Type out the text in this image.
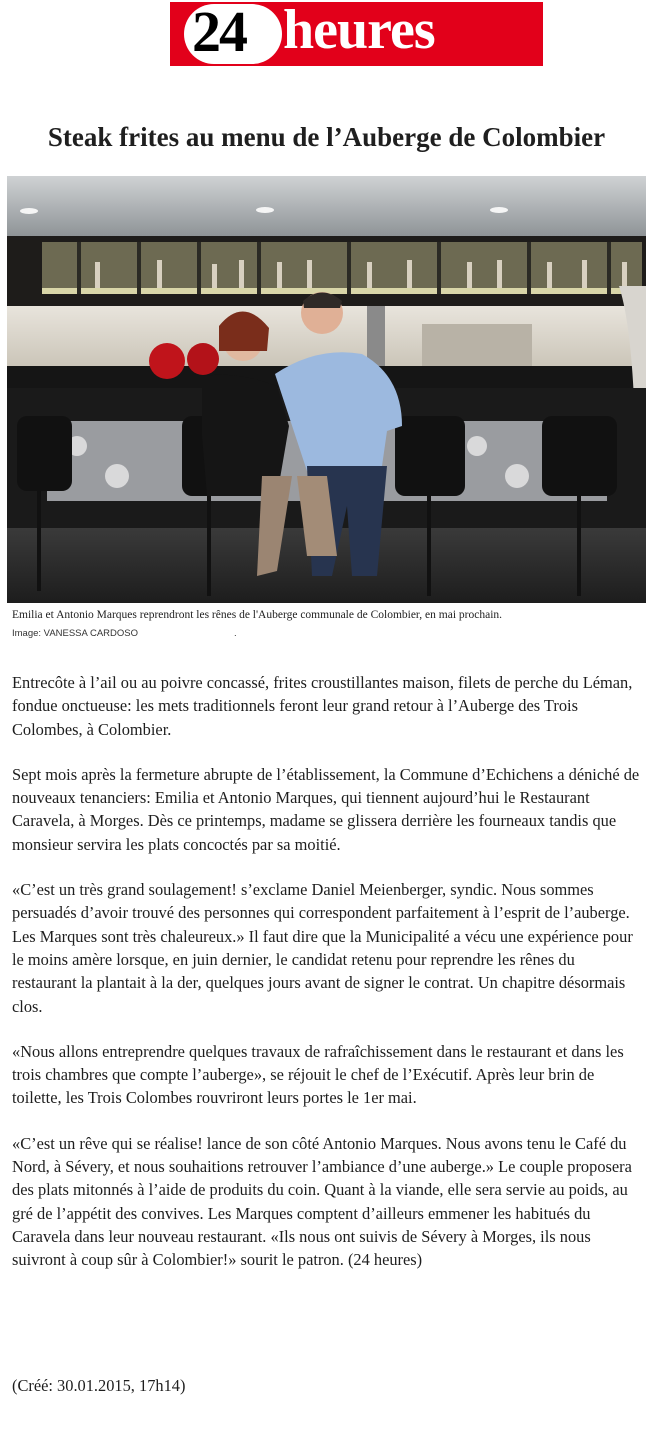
24 heures
Steak frites au menu de l’Auberge de Colombier
Emilia et Antonio Marques reprendront les rênes de l'Auberge communale de Colombier, en mai prochain.
Image: VANESSA CARDOSO	.

Entrecôte à l’ail ou au poivre concassé, frites croustillantes maison, filets de perche du Léman, fondue onctueuse: les mets traditionnels feront leur grand retour à l’Auberge des Trois Colombes, à Colombier.

Sept mois après la fermeture abrupte de l’établissement, la Commune d’Echichens a déniché de nouveaux tenanciers: Emilia et Antonio Marques, qui tiennent aujourd’hui le Restaurant Caravela, à Morges. Dès ce printemps, madame se glissera derrière les fourneaux tandis que monsieur servira les plats concoctés par sa moitié.

«C’est un très grand soulagement! s’exclame Daniel Meienberger, syndic. Nous sommes persuadés d’avoir trouvé des personnes qui correspondent parfaitement à l’esprit de l’auberge. Les Marques sont très chaleureux.» Il faut dire que la Municipalité a vécu une expérience pour le moins amère lorsque, en juin dernier, le candidat retenu pour reprendre les rênes du restaurant la plantait à la der, quelques jours avant de signer le contrat. Un chapitre désormais clos.

«Nous allons entreprendre quelques travaux de rafraîchissement dans le restaurant et dans les trois chambres que compte l’auberge», se réjouit le chef de l’Exécutif. Après leur brin de toilette, les Trois Colombes rouvriront leurs portes le 1er mai.

«C’est un rêve qui se réalise! lance de son côté Antonio Marques. Nous avons tenu le Café du Nord, à Sévery, et nous souhaitions retrouver l’ambiance d’une auberge.» Le couple proposera des plats mitonnés à l’aide de produits du coin. Quant à la viande, elle sera servie au poids, au gré de l’appétit des convives. Les Marques comptent d’ailleurs emmener les habitués du Caravela dans leur nouveau restaurant. «Ils nous ont suivis de Sévery à Morges, ils nous suivront à coup sûr à Colombier!» sourit le patron. (24 heures)

(Créé: 30.01.2015, 17h14)
